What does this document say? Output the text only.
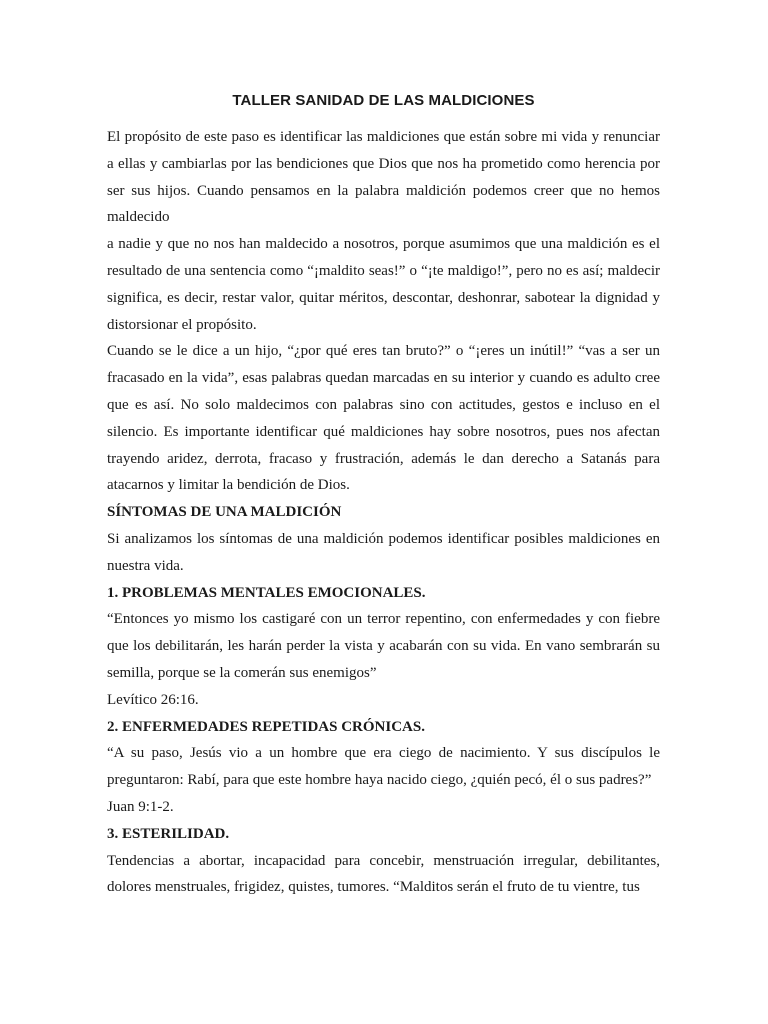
TALLER SANIDAD DE LAS MALDICIONES

El propósito de este paso es identificar las maldiciones que están sobre mi vida y renunciar a ellas y cambiarlas por las bendiciones que Dios que nos ha prometido como herencia por ser sus hijos. Cuando pensamos en la palabra maldición podemos creer que no hemos maldecido

a nadie y que no nos han maldecido a nosotros, porque asumimos que una maldición es el resultado de una sentencia como “¡maldito seas!” o “¡te maldigo!”, pero no es así; maldecir significa, es decir, restar valor, quitar méritos, descontar, deshonrar, sabotear la dignidad y distorsionar el propósito.

Cuando se le dice a un hijo, “¿por qué eres tan bruto?” o “¡eres un inútil!” “vas a ser un fracasado en la vida”, esas palabras quedan marcadas en su interior y cuando es adulto cree que es así. No solo maldecimos con palabras sino con actitudes, gestos e incluso en el silencio. Es importante identificar qué maldiciones hay sobre nosotros, pues nos afectan trayendo aridez, derrota, fracaso y frustración, además le dan derecho a Satanás para atacarnos y limitar la bendición de Dios.

SÍNTOMAS DE UNA MALDICIÓN

Si analizamos los síntomas de una maldición podemos identificar posibles maldiciones en nuestra vida.

1. PROBLEMAS MENTALES EMOCIONALES.

“Entonces yo mismo los castigaré con un terror repentino, con enfermedades y con fiebre que los debilitarán, les harán perder la vista y acabarán con su vida. En vano sembrarán su semilla, porque se la comerán sus enemigos”

Levítico 26:16.

2. ENFERMEDADES REPETIDAS CRÓNICAS.

“A su paso, Jesús vio a un hombre que era ciego de nacimiento. Y sus discípulos le preguntaron: Rabí, para que este hombre haya nacido ciego, ¿quién pecó, él o sus padres?”

Juan 9:1-2.

3. ESTERILIDAD.

Tendencias a abortar, incapacidad para concebir, menstruación irregular, debilitantes, dolores menstruales, frigidez, quistes, tumores. “Malditos serán el fruto de tu vientre, tus
